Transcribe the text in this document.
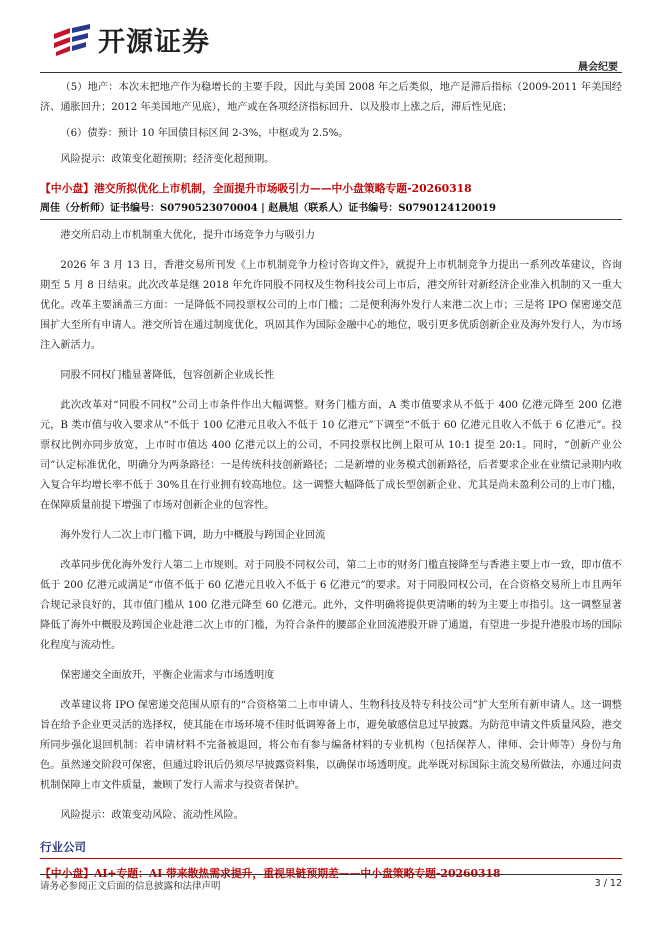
开源证券
晨会纪要

（5）地产：本次未把地产作为稳增长的主要手段，因此与美国 2008 年之后类似，地产是滞后指标（2009-2011 年美国经济、通胀回升；2012 年美国地产见底），地产或在各项经济指标回升、以及股市上涨之后，滞后性见底；

（6）债券：预计 10 年国债目标区间 2-3%，中枢或为 2.5%。

风险提示：政策变化超预期；经济变化超预期。

【中小盘】港交所拟优化上市机制，全面提升市场吸引力——中小盘策略专题-20260318
周佳（分析师）证书编号：S0790523070004 | 赵晨旭（联系人）证书编号：S0790124120019

港交所启动上市机制重大优化，提升市场竞争力与吸引力

2026 年 3 月 13 日，香港交易所刊发《上市机制竞争力检讨咨询文件》，就提升上市机制竞争力提出一系列改革建议，咨询期至 5 月 8 日结束。此次改革是继 2018 年允许同股不同权及生物科技公司上市后，港交所针对新经济企业准入机制的又一重大优化。改革主要涵盖三方面：一是降低不同投票权公司的上市门槛；二是便利海外发行人来港二次上市；三是将 IPO 保密递交范围扩大至所有申请人。港交所旨在通过制度优化，巩固其作为国际金融中心的地位，吸引更多优质创新企业及海外发行人，为市场注入新活力。

同股不同权门槛显著降低，包容创新企业成长性

此次改革对“同股不同权”公司上市条件作出大幅调整。财务门槛方面，A 类市值要求从不低于 400 亿港元降至 200 亿港元，B 类市值与收入要求从“不低于 100 亿港元且收入不低于 10 亿港元”下调至“不低于 60 亿港元且收入不低于 6 亿港元”。投票权比例亦同步放宽，上市时市值达 400 亿港元以上的公司，不同投票权比例上限可从 10:1 提至 20:1。同时，“创新产业公司”认定标准优化，明确分为两条路径：一是传统科技创新路径；二是新增的业务模式创新路径，后者要求企业在业绩记录期内收入复合年均增长率不低于 30%且在行业拥有较高地位。这一调整大幅降低了成长型创新企业、尤其是尚未盈利公司的上市门槛，在保障质量前提下增强了市场对创新企业的包容性。

海外发行人二次上市门槛下调，助力中概股与跨国企业回流

改革同步优化海外发行人第二上市规则。对于同股不同权公司，第二上市的财务门槛直接降至与香港主要上市一致，即市值不低于 200 亿港元或满足“市值不低于 60 亿港元且收入不低于 6 亿港元”的要求。对于同股同权公司，在合资格交易所上市且两年合规记录良好的，其市值门槛从 100 亿港元降至 60 亿港元。此外，文件明确将提供更清晰的转为主要上市指引。这一调整显著降低了海外中概股及跨国企业赴港二次上市的门槛，为符合条件的腰部企业回流港股开辟了通道，有望进一步提升港股市场的国际化程度与流动性。

保密递交全面放开，平衡企业需求与市场透明度

改革建议将 IPO 保密递交范围从原有的“合资格第二上市申请人、生物科技及特专科技公司”扩大至所有新申请人。这一调整旨在给予企业更灵活的选择权，使其能在市场环境不佳时低调筹备上市，避免敏感信息过早披露。为防范申请文件质量风险，港交所同步强化退回机制：若申请材料不完备被退回，将公布有参与编备材料的专业机构（包括保荐人、律师、会计师等）身份与角色。虽然递交阶段可保密，但通过聆讯后仍须尽早披露资料集，以确保市场透明度。此举既对标国际主流交易所做法，亦通过问责机制保障上市文件质量，兼顾了发行人需求与投资者保护。

风险提示：政策变动风险、流动性风险。

行业公司
【中小盘】AI+专题：AI 带来散热需求提升，重视果链预期差——中小盘策略专题-20260318
请务必参阅正文后面的信息披露和法律声明	3 / 12
